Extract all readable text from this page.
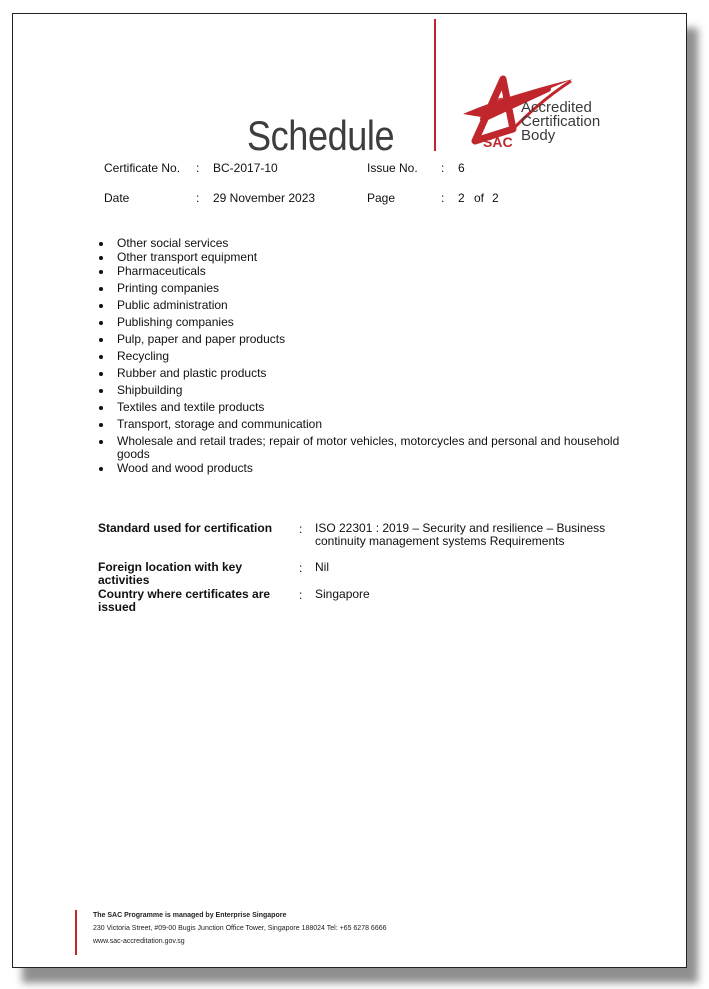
Schedule	SAC
Accredited
Certification
Body
Certificate No. : BC-2017-10	Issue No. : 6
Date	: 29 November 2023	Page	: 2 of 2
Other social services
Other transport equipment
Pharmaceuticals
Printing companies
Public administration
Publishing companies
Pulp, paper and paper products
Recycling
Rubber and plastic products
Shipbuilding
Textiles and textile products
Transport, storage and communication
Wholesale and retail trades; repair of motor vehicles, motorcycles and personal and household goods
Wood and wood products
Standard used for certification	: ISO 22301 : 2019 – Security and resilience – Business continuity management systems Requirements
Foreign location with key activities
: Nil
Country where certificates are issued
: Singapore
The SAC Programme is managed by Enterprise Singapore
230 Victoria Street, #09-00 Bugis Junction Office Tower, Singapore 188024 Tel: +65 6278 6666
www.sac-accreditation.gov.sg
